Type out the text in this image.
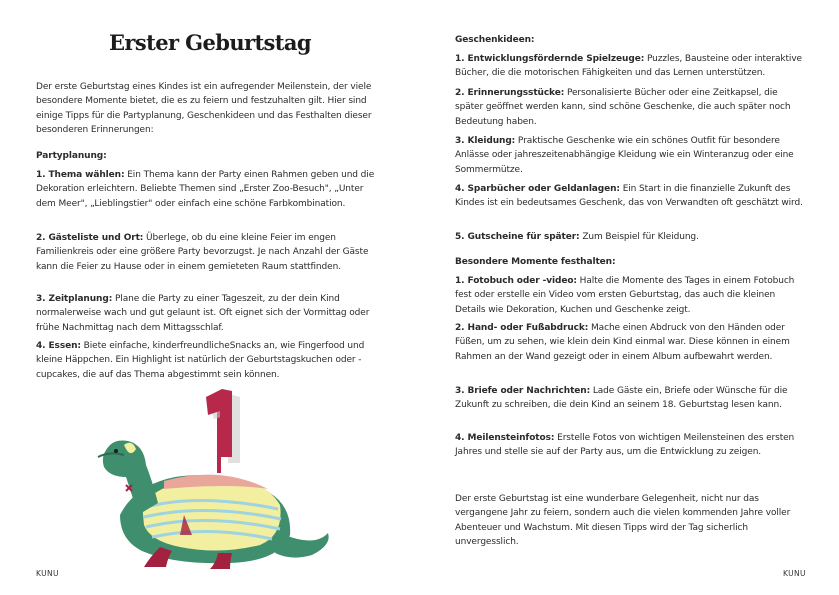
Erster Geburtstag

Der erste Geburtstag eines Kindes ist ein aufregender Meilenstein, der viele besondere Momente bietet, die es zu feiern und festzuhalten gilt. Hier sind einige Tipps für die Partyplanung, Geschenkideen und das Festhalten dieser besonderen Erinnerungen:

Partyplanung:

1. Thema wählen: Ein Thema kann der Party einen Rahmen geben und die Dekoration erleichtern. Beliebte Themen sind „Erster Zoo-Besuch", „Unter dem Meer", „Lieblingstier" oder einfach eine schöne Farbkombination.

2. Gästeliste und Ort: Überlege, ob du eine kleine Feier im engen Familienkreis oder eine größere Party bevorzugst. Je nach Anzahl der Gäste kann die Feier zu Hause oder in einem gemieteten Raum stattfinden.

3. Zeitplanung: Plane die Party zu einer Tageszeit, zu der dein Kind normalerweise wach und gut gelaunt ist. Oft eignet sich der Vormittag oder frühe Nachmittag nach dem Mittagsschlaf.

4. Essen: Biete einfache, kinderfreundlicheSnacks an, wie Fingerfood und kleine Häppchen. Ein Highlight ist natürlich der Geburtstagskuchen oder -cupcakes, die auf das Thema abgestimmt sein können.

1
KUNU

Geschenkideen:

1. Entwicklungsfördernde Spielzeuge: Puzzles, Bausteine oder interaktive Bücher, die die motorischen Fähigkeiten und das Lernen unterstützen.

2. Erinnerungsstücke: Personalisierte Bücher oder eine Zeitkapsel, die später geöffnet werden kann, sind schöne Geschenke, die auch später noch Bedeutung haben.

3. Kleidung: Praktische Geschenke wie ein schönes Outfit für besondere Anlässe oder jahreszeitenabhängige Kleidung wie ein Winteranzug oder eine Sommermütze.

4. Sparbücher oder Geldanlagen: Ein Start in die finanzielle Zukunft des Kindes ist ein bedeutsames Geschenk, das von Verwandten oft geschätzt wird.

5. Gutscheine für später: Zum Beispiel für Kleidung.

Besondere Momente festhalten:

1. Fotobuch oder -video: Halte die Momente des Tages in einem Fotobuch fest oder erstelle ein Video vom ersten Geburtstag, das auch die kleinen Details wie Dekoration, Kuchen und Geschenke zeigt.

2. Hand- oder Fußabdruck: Mache einen Abdruck von den Händen oder Füßen, um zu sehen, wie klein dein Kind einmal war. Diese können in einem Rahmen an der Wand gezeigt oder in einem Album aufbewahrt werden.

3. Briefe oder Nachrichten: Lade Gäste ein, Briefe oder Wünsche für die Zukunft zu schreiben, die dein Kind an seinem 18. Geburtstag lesen kann.

4. Meilensteinfotos: Erstelle Fotos von wichtigen Meilensteinen des ersten Jahres und stelle sie auf der Party aus, um die Entwicklung zu zeigen.

Der erste Geburtstag ist eine wunderbare Gelegenheit, nicht nur das vergangene Jahr zu feiern, sondern auch die vielen kommenden Jahre voller Abenteuer und Wachstum. Mit diesen Tipps wird der Tag sicherlich unvergesslich.

KUNU
